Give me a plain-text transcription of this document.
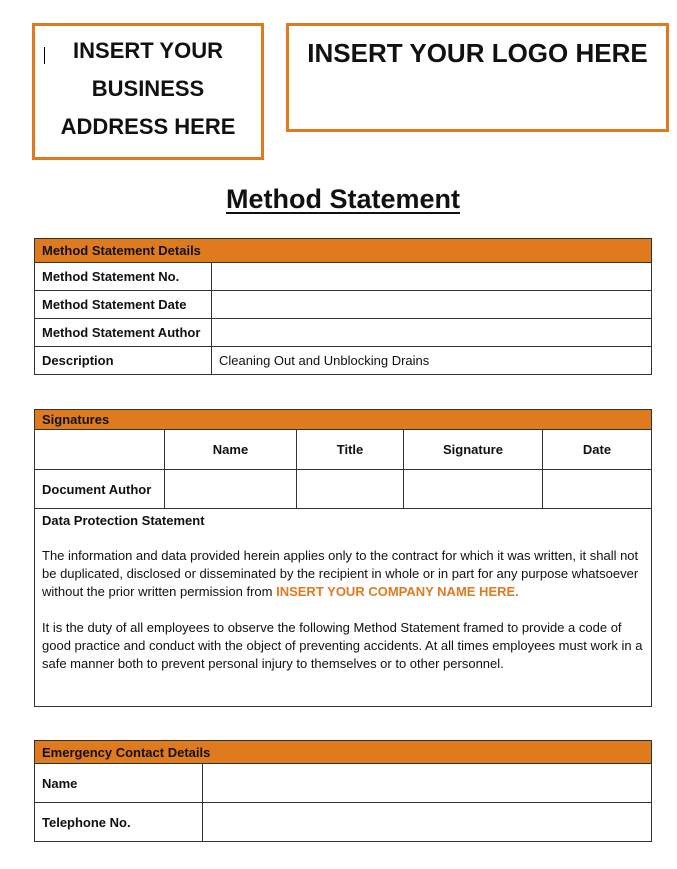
INSERT YOUR
BUSINESS
ADDRESS HERE
INSERT YOUR LOGO HERE
Method Statement
Method Statement Details	
Method Statement No.	
Method Statement Date	
Method Statement Author	
Description	Cleaning Out and Unblocking Drains
Signatures				
	Name	Title	Signature	Date
Document Author				

Data Protection Statement

The information and data provided herein applies only to the contract for which it was written, it shall not be duplicated, disclosed or disseminated by the recipient in whole or in part for any purpose whatsoever without the prior written permission from INSERT YOUR COMPANY NAME HERE.

It is the duty of all employees to observe the following Method Statement framed to provide a code of good practice and conduct with the object of preventing accidents. At all times employees must work in a safe manner both to prevent personal injury to themselves or to other personnel.				

Emergency Contact Details	
Name	
Telephone No.	
